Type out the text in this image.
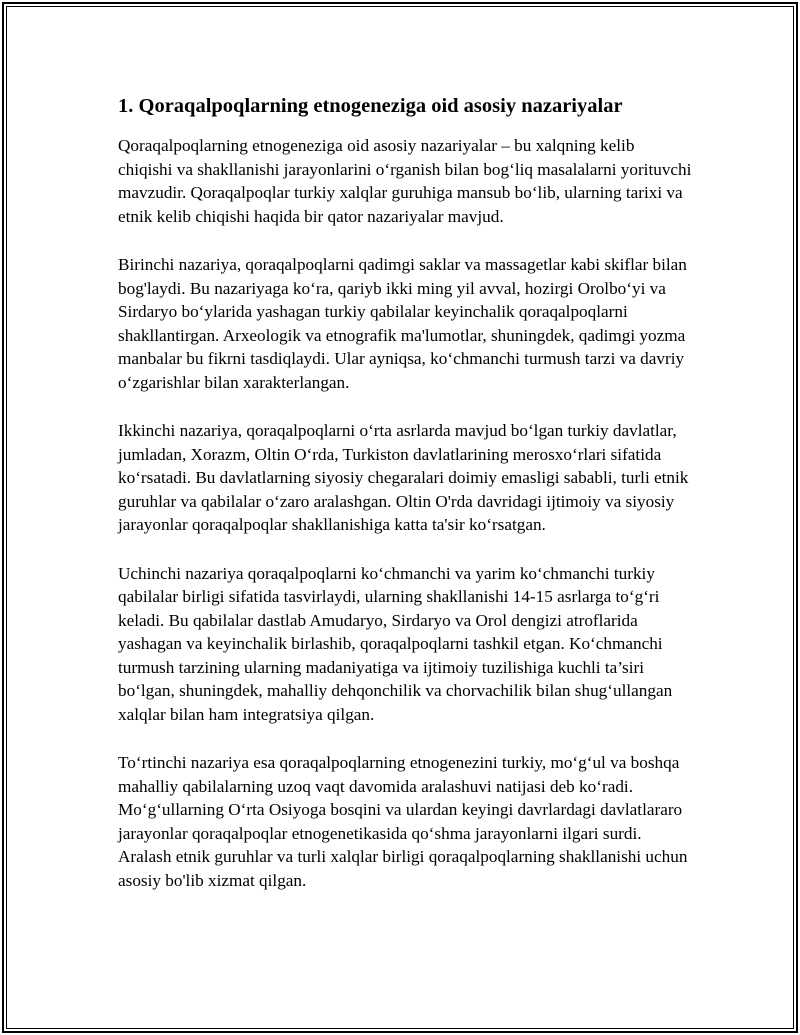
1. Qoraqalpoqlarning etnogeneziga oid asosiy nazariyalar

Qoraqalpoqlarning etnogeneziga oid asosiy nazariyalar – bu xalqning kelib chiqishi va shakllanishi jarayonlarini o‘rganish bilan bog‘liq masalalarni yorituvchi mavzudir. Qoraqalpoqlar turkiy xalqlar guruhiga mansub bo‘lib, ularning tarixi va etnik kelib chiqishi haqida bir qator nazariyalar mavjud.

Birinchi nazariya, qoraqalpoqlarni qadimgi saklar va massagetlar kabi skiflar bilan bog'laydi. Bu nazariyaga ko‘ra, qariyb ikki ming yil avval, hozirgi Orolbo‘yi va Sirdaryo bo‘ylarida yashagan turkiy qabilalar keyinchalik qoraqalpoqlarni shakllantirgan. Arxeologik va etnografik ma'lumotlar, shuningdek, qadimgi yozma manbalar bu fikrni tasdiqlaydi. Ular ayniqsa, ko‘chmanchi turmush tarzi va davriy o‘zgarishlar bilan xarakterlangan.

Ikkinchi nazariya, qoraqalpoqlarni o‘rta asrlarda mavjud bo‘lgan turkiy davlatlar, jumladan, Xorazm, Oltin O‘rda, Turkiston davlatlarining merosxo‘rlari sifatida ko‘rsatadi. Bu davlatlarning siyosiy chegaralari doimiy emasligi sababli, turli etnik guruhlar va qabilalar o‘zaro aralashgan. Oltin O'rda davridagi ijtimoiy va siyosiy jarayonlar qoraqalpoqlar shakllanishiga katta ta'sir ko‘rsatgan.

Uchinchi nazariya qoraqalpoqlarni ko‘chmanchi va yarim ko‘chmanchi turkiy qabilalar birligi sifatida tasvirlaydi, ularning shakllanishi 14-15 asrlarga to‘g‘ri keladi. Bu qabilalar dastlab Amudaryo, Sirdaryo va Orol dengizi atroflarida yashagan va keyinchalik birlashib, qoraqalpoqlarni tashkil etgan. Ko‘chmanchi turmush tarzining ularning madaniyatiga va ijtimoiy tuzilishiga kuchli ta’siri bo‘lgan, shuningdek, mahalliy dehqonchilik va chorvachilik bilan shug‘ullangan xalqlar bilan ham integratsiya qilgan.

To‘rtinchi nazariya esa qoraqalpoqlarning etnogenezini turkiy, mo‘g‘ul va boshqa mahalliy qabilalarning uzoq vaqt davomida aralashuvi natijasi deb ko‘radi. Mo‘g‘ullarning O‘rta Osiyoga bosqini va ulardan keyingi davrlardagi davlatlararo jarayonlar qoraqalpoqlar etnogenetikasida qo‘shma jarayonlarni ilgari surdi. Aralash etnik guruhlar va turli xalqlar birligi qoraqalpoqlarning shakllanishi uchun asosiy bo'lib xizmat qilgan.
